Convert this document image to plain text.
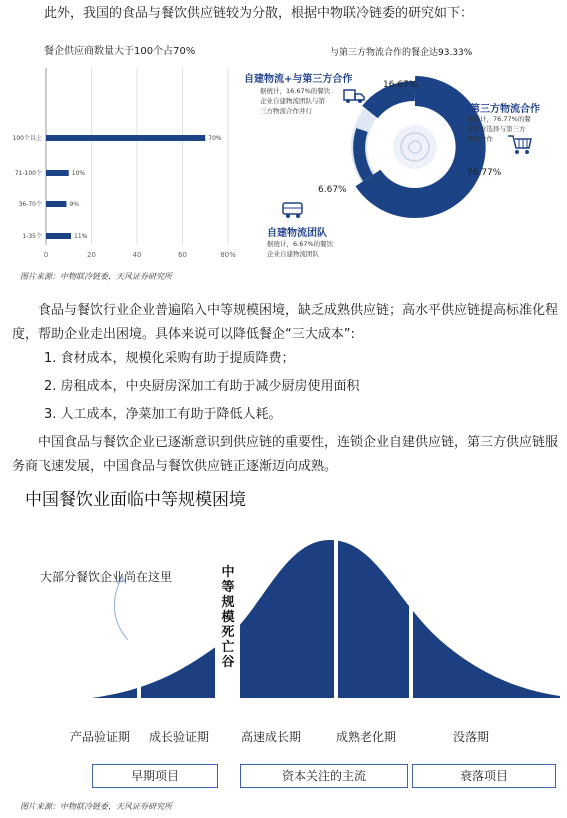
此外，我国的食品与餐饮供应链较为分散，根据中物联冷链委的研究如下：
餐企供应商数量大于100个占70%
0	20	40	60	80%
100个以上	70%
71-100个	10%
36-70个	9%
1-35个	11%
与第三方物流合作的餐企达93.33%
自建物流+与第三方合作
据统计，16.67%的餐饮
企业自建物流团队与第
三方物流合作并行
16.67%
与第三方物流合作
据统计，76.77%的餐
饮企业选择与第三方
物流合作
76.77%
6.67%
自建物流团队
据统计，6.67%的餐饮
企业自建物流团队
图片来源：中物联冷链委，天风证券研究所
食品与餐饮行业企业普遍陷入中等规模困境，缺乏成熟供应链；高水平供应链提高标准化程度，帮助企业走出困境。具体来说可以降低餐企“三大成本”:
1. 食材成本，规模化采购有助于提质降费；
2. 房租成本，中央厨房深加工有助于减少厨房使用面积
3. 人工成本，净菜加工有助于降低人耗。
中国食品与餐饮企业已逐渐意识到供应链的重要性，连锁企业自建供应链，第三方供应链服务商飞速发展，中国食品与餐饮供应链正逐渐迈向成熟。
中国餐饮业面临中等规模困境
大部分餐饮企业尚在这里	中等规模死亡谷
产品验证期 成长验证期	高速成长期	成熟老化期	没落期
早期项目	资本关注的主流	衰落项目
图片来源：中物联冷链委，天风证券研究所
